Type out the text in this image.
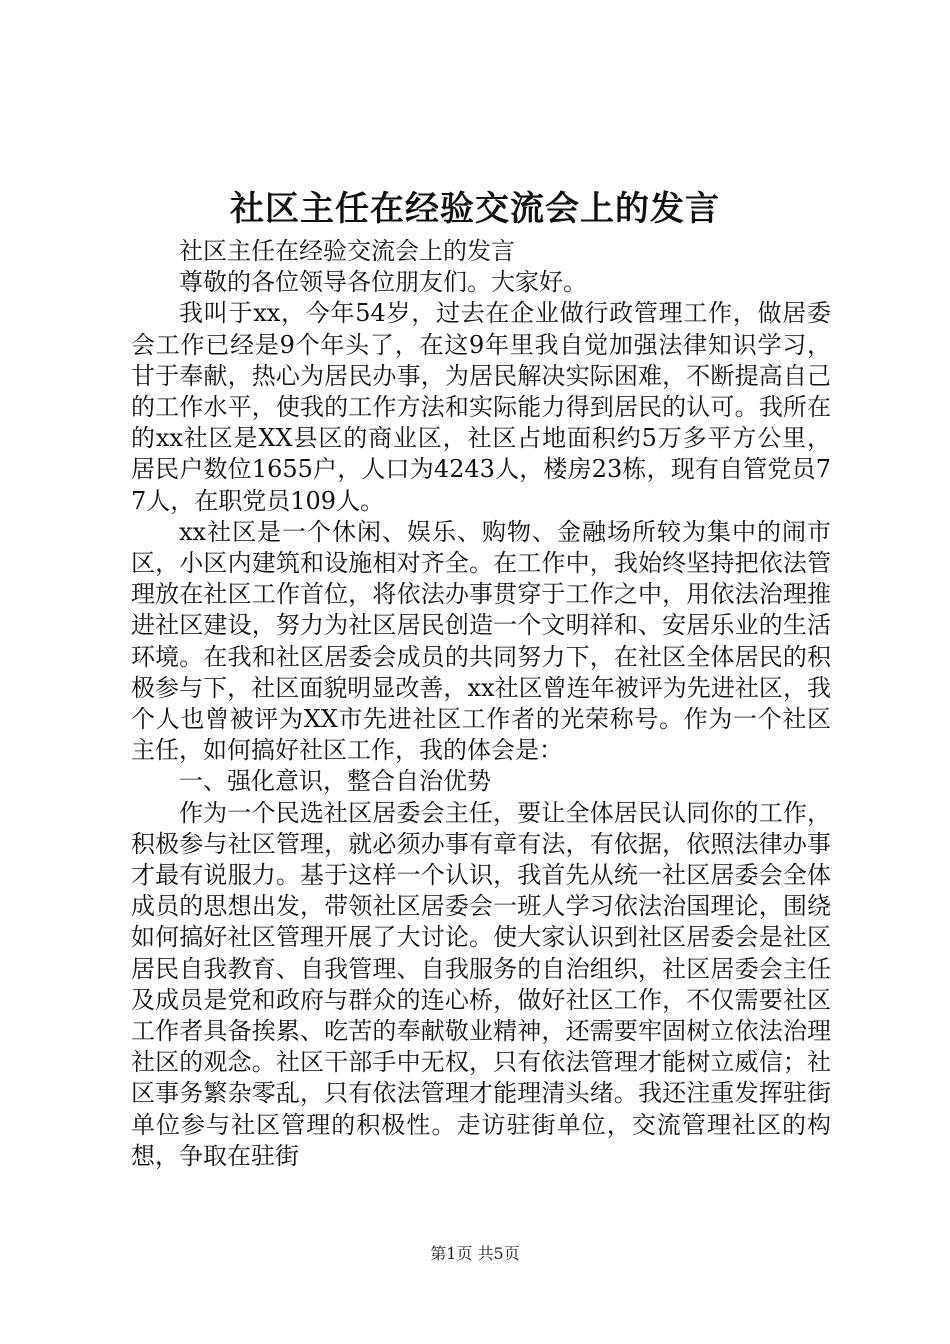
社区主任在经验交流会上的发言

社区主任在经验交流会上的发言

尊敬的各位领导各位朋友们。大家好。

我叫于xx，今年54岁，过去在企业做行政管理工作，做居委会工作已经是9个年头了，在这9年里我自觉加强法律知识学习，甘于奉献，热心为居民办事，为居民解决实际困难，不断提高自己的工作水平，使我的工作方法和实际能力得到居民的认可。我所在的xx社区是XX县区的商业区，社区占地面积约5万多平方公里，居民户数位1655户，人口为4243人，楼房23栋，现有自管党员77人，在职党员109人。

xx社区是一个休闲、娱乐、购物、金融场所较为集中的闹市区，小区内建筑和设施相对齐全。在工作中，我始终坚持把依法管理放在社区工作首位，将依法办事贯穿于工作之中，用依法治理推进社区建设，努力为社区居民创造一个文明祥和、安居乐业的生活环境。在我和社区居委会成员的共同努力下，在社区全体居民的积极参与下，社区面貌明显改善，xx社区曾连年被评为先进社区，我个人也曾被评为XX市先进社区工作者的光荣称号。作为一个社区主任，如何搞好社区工作，我的体会是：

一、强化意识，整合自治优势

作为一个民选社区居委会主任，要让全体居民认同你的工作，积极参与社区管理，就必须办事有章有法，有依据，依照法律办事才最有说服力。基于这样一个认识，我首先从统一社区居委会全体成员的思想出发，带领社区居委会一班人学习依法治国理论，围绕如何搞好社区管理开展了大讨论。使大家认识到社区居委会是社区居民自我教育、自我管理、自我服务的自治组织，社区居委会主任及成员是党和政府与群众的连心桥，做好社区工作，不仅需要社区工作者具备挨累、吃苦的奉献敬业精神，还需要牢固树立依法治理社区的观念。社区干部手中无权，只有依法管理才能树立威信；社区事务繁杂零乱，只有依法管理才能理清头绪。我还注重发挥驻街单位参与社区管理的积极性。走访驻街单位，交流管理社区的构想，争取在驻街

第1页 共5页
